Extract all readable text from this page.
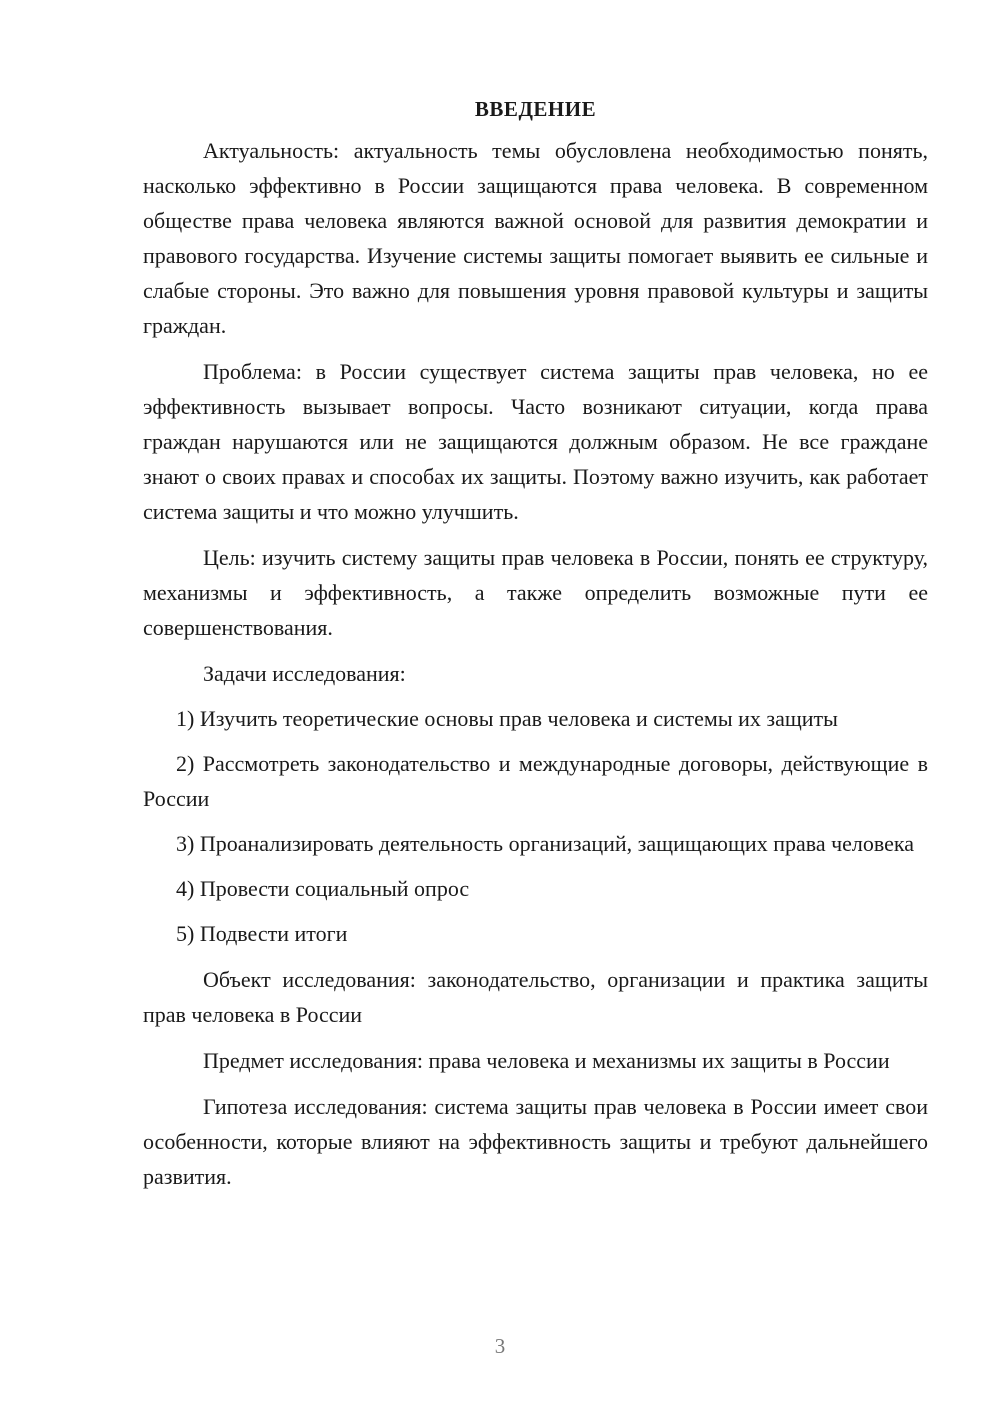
ВВЕДЕНИЕ

Актуальность: актуальность темы обусловлена необходимостью понять, насколько эффективно в России защищаются права человека. В современном обществе права человека являются важной основой для развития демократии и правового государства. Изучение системы защиты помогает выявить ее сильные и слабые стороны. Это важно для повышения уровня правовой культуры и защиты граждан.

Проблема: в России существует система защиты прав человека, но ее эффективность вызывает вопросы. Часто возникают ситуации, когда права граждан нарушаются или не защищаются должным образом. Не все граждане знают о своих правах и способах их защиты. Поэтому важно изучить, как работает система защиты и что можно улучшить.

Цель: изучить систему защиты прав человека в России, понять ее структуру, механизмы и эффективность, а также определить возможные пути ее совершенствования.

Задачи исследования:

1) Изучить теоретические основы прав человека и системы их защиты

2) Рассмотреть законодательство и международные договоры, действующие в России

3) Проанализировать деятельность организаций, защищающих права человека

4) Провести социальный опрос

5) Подвести итоги

Объект исследования: законодательство, организации и практика защиты прав человека в России

Предмет исследования: права человека и механизмы их защиты в России

Гипотеза исследования: система защиты прав человека в России имеет свои особенности, которые влияют на эффективность защиты и требуют дальнейшего развития.

3
